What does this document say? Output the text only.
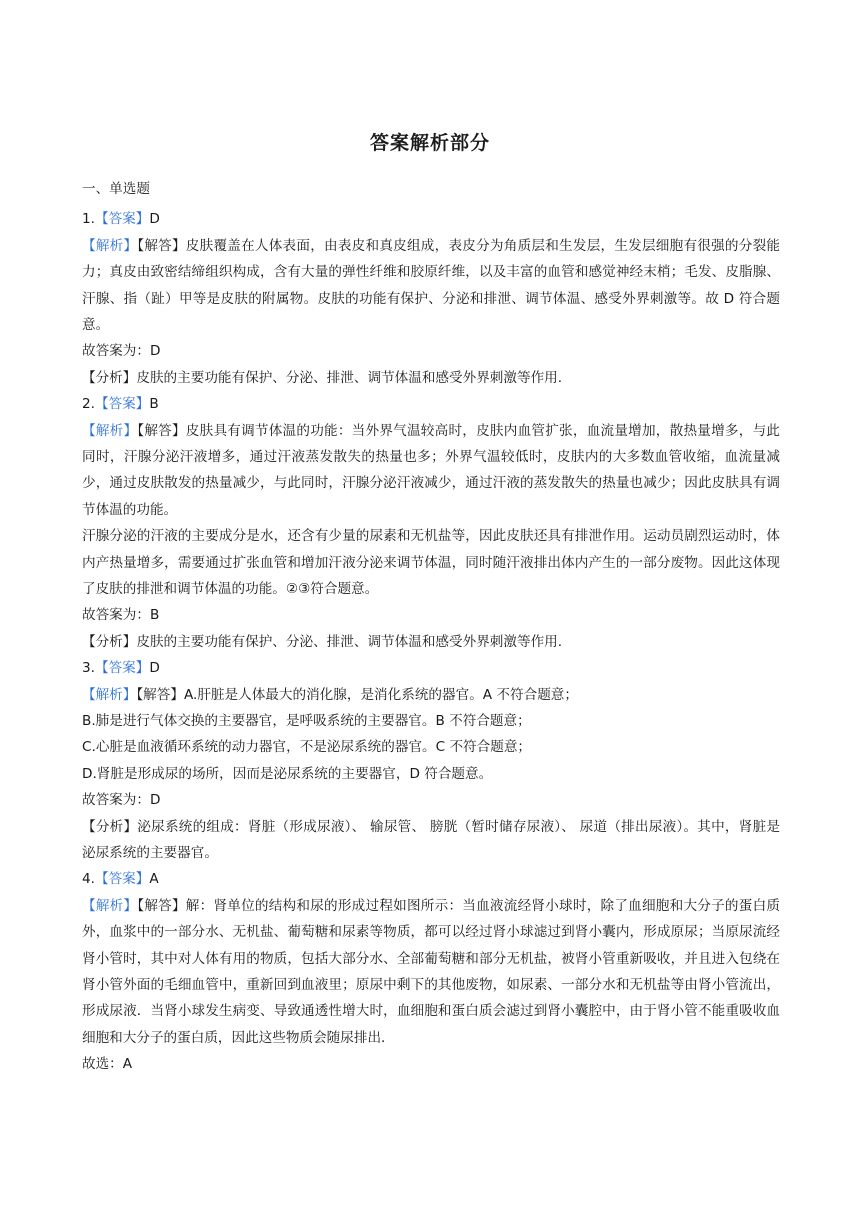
答案解析部分
一、单选题
1.【答案】D
【解析】【解答】皮肤覆盖在人体表面，由表皮和真皮组成，表皮分为角质层和生发层，生发层细胞有很强的分裂能力；真皮由致密结缔组织构成，含有大量的弹性纤维和胶原纤维，以及丰富的血管和感觉神经末梢；毛发、皮脂腺、汗腺、指（趾）甲等是皮肤的附属物。皮肤的功能有保护、分泌和排泄、调节体温、感受外界刺激等。故 D 符合题意。
故答案为：D
【分析】皮肤的主要功能有保护、分泌、排泄、调节体温和感受外界刺激等作用.
2.【答案】B
【解析】【解答】皮肤具有调节体温的功能：当外界气温较高时，皮肤内血管扩张，血流量增加，散热量增多，与此同时，汗腺分泌汗液增多，通过汗液蒸发散失的热量也多；外界气温较低时，皮肤内的大多数血管收缩，血流量减少，通过皮肤散发的热量减少，与此同时，汗腺分泌汗液减少，通过汗液的蒸发散失的热量也减少；因此皮肤具有调节体温的功能。
汗腺分泌的汗液的主要成分是水，还含有少量的尿素和无机盐等，因此皮肤还具有排泄作用。运动员剧烈运动时，体内产热量增多，需要通过扩张血管和增加汗液分泌来调节体温，同时随汗液排出体内产生的一部分废物。因此这体现了皮肤的排泄和调节体温的功能。②③符合题意。
故答案为：B
【分析】皮肤的主要功能有保护、分泌、排泄、调节体温和感受外界刺激等作用.
3.【答案】D
【解析】【解答】A.肝脏是人体最大的消化腺，是消化系统的器官。A 不符合题意；
B.肺是进行气体交换的主要器官，是呼吸系统的主要器官。B 不符合题意；
C.心脏是血液循环系统的动力器官，不是泌尿系统的器官。C 不符合题意；
D.肾脏是形成尿的场所，因而是泌尿系统的主要器官，D 符合题意。
故答案为：D
【分析】泌尿系统的组成：肾脏（形成尿液）、 输尿管、 膀胱（暂时储存尿液）、 尿道（排出尿液）。其中，肾脏是泌尿系统的主要器官。
4.【答案】A
【解析】【解答】解：肾单位的结构和尿的形成过程如图所示：当血液流经肾小球时，除了血细胞和大分子的蛋白质外，血浆中的一部分水、无机盐、葡萄糖和尿素等物质，都可以经过肾小球滤过到肾小囊内，形成原尿；当原尿流经肾小管时，其中对人体有用的物质，包括大部分水、全部葡萄糖和部分无机盐，被肾小管重新吸收，并且进入包绕在肾小管外面的毛细血管中，重新回到血液里；原尿中剩下的其他废物，如尿素、一部分水和无机盐等由肾小管流出，形成尿液．当肾小球发生病变、导致通透性增大时，血细胞和蛋白质会滤过到肾小囊腔中，由于肾小管不能重吸收血细胞和大分子的蛋白质，因此这些物质会随尿排出．
故选：A
